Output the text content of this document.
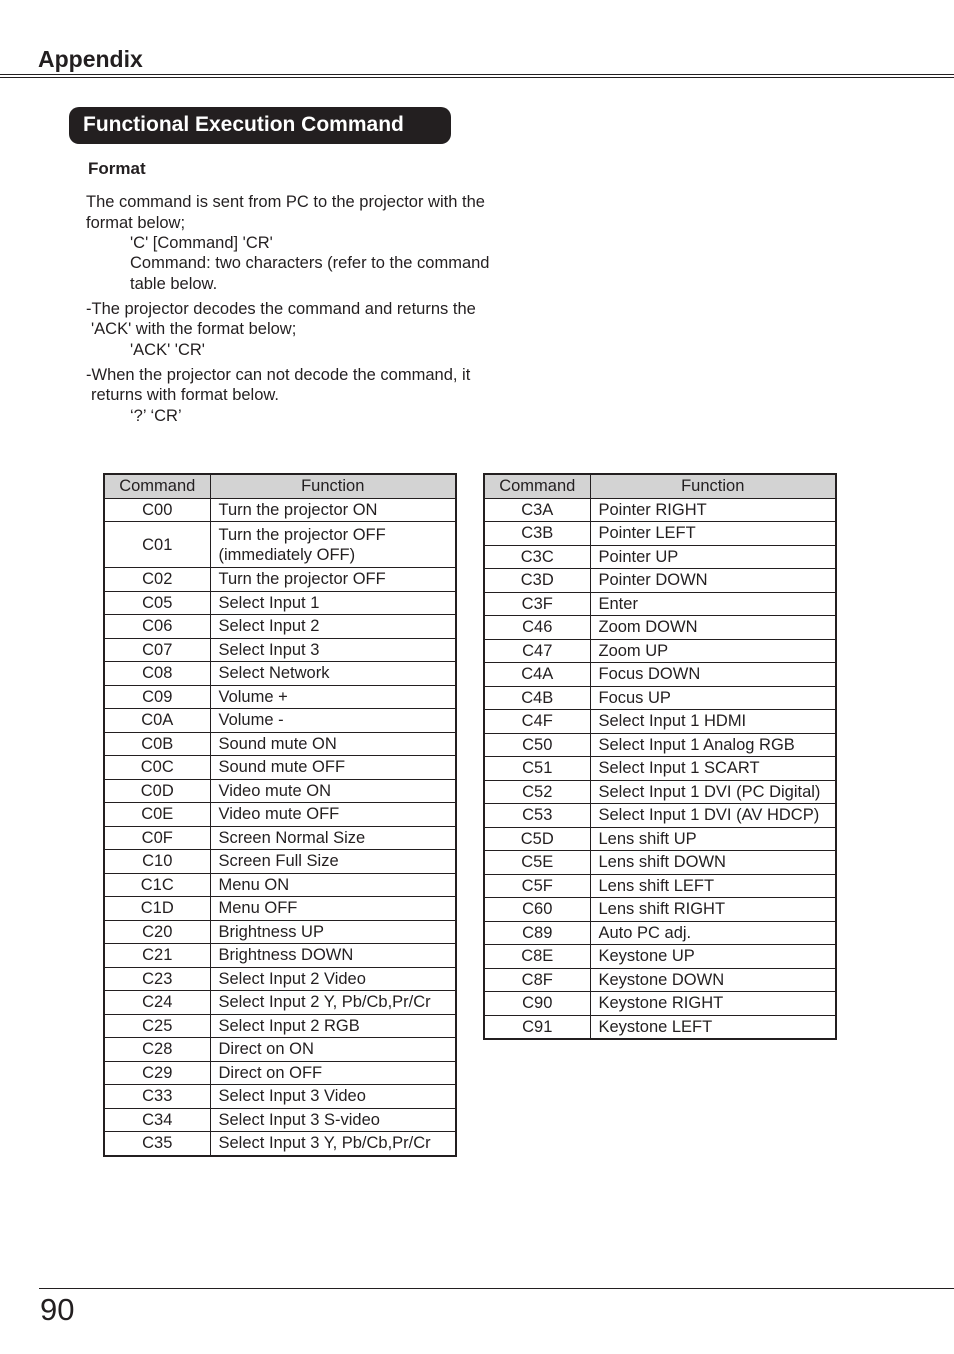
Appendix
Functional Execution Command
Format
The command is sent from PC to the projector with the
format below;
'C' [Command] 'CR'
Command: two characters (refer to the command
table below.
-The projector decodes the command and returns the
'ACK' with the format below;
'ACK' 'CR'
-When the projector can not decode the command, it
returns with format below.
‘?’ ‘CR’
Command	Function
C00	Turn the projector ON

C01	Turn the projector OFF
(immediately OFF)

C02	Turn the projector OFF

C05	Select Input 1

C06	Select Input 2

C07	Select Input 3

C08	Select Network

C09	Volume +

C0A	Volume -

C0B	Sound mute ON

C0C	Sound mute OFF

C0D	Video mute ON

C0E	Video mute OFF

C0F	Screen Normal Size

C10	Screen Full Size

C1C	Menu ON

C1D	Menu OFF

C20	Brightness UP

C21	Brightness DOWN

C23	Select Input 2 Video

C24	Select Input 2 Y, Pb/Cb,Pr/Cr

C25	Select Input 2 RGB

C28	Direct on ON

C29	Direct on OFF

C33	Select Input 3 Video

C34	Select Input 3 S-video

C35	Select Input 3 Y, Pb/Cb,Pr/Cr
Command	Function
C3A	Pointer RIGHT

C3B	Pointer LEFT

C3C	Pointer UP

C3D	Pointer DOWN

C3F	Enter

C46	Zoom DOWN

C47	Zoom UP

C4A	Focus DOWN

C4B	Focus UP

C4F	Select Input 1 HDMI

C50	Select Input 1 Analog RGB

C51	Select Input 1 SCART

C52	Select Input 1 DVI (PC Digital)

C53	Select Input 1 DVI (AV HDCP)

C5D	Lens shift UP

C5E	Lens shift DOWN

C5F	Lens shift LEFT

C60	Lens shift RIGHT

C89	Auto PC adj.

C8E	Keystone UP

C8F	Keystone DOWN

C90	Keystone RIGHT

C91	Keystone LEFT
90
